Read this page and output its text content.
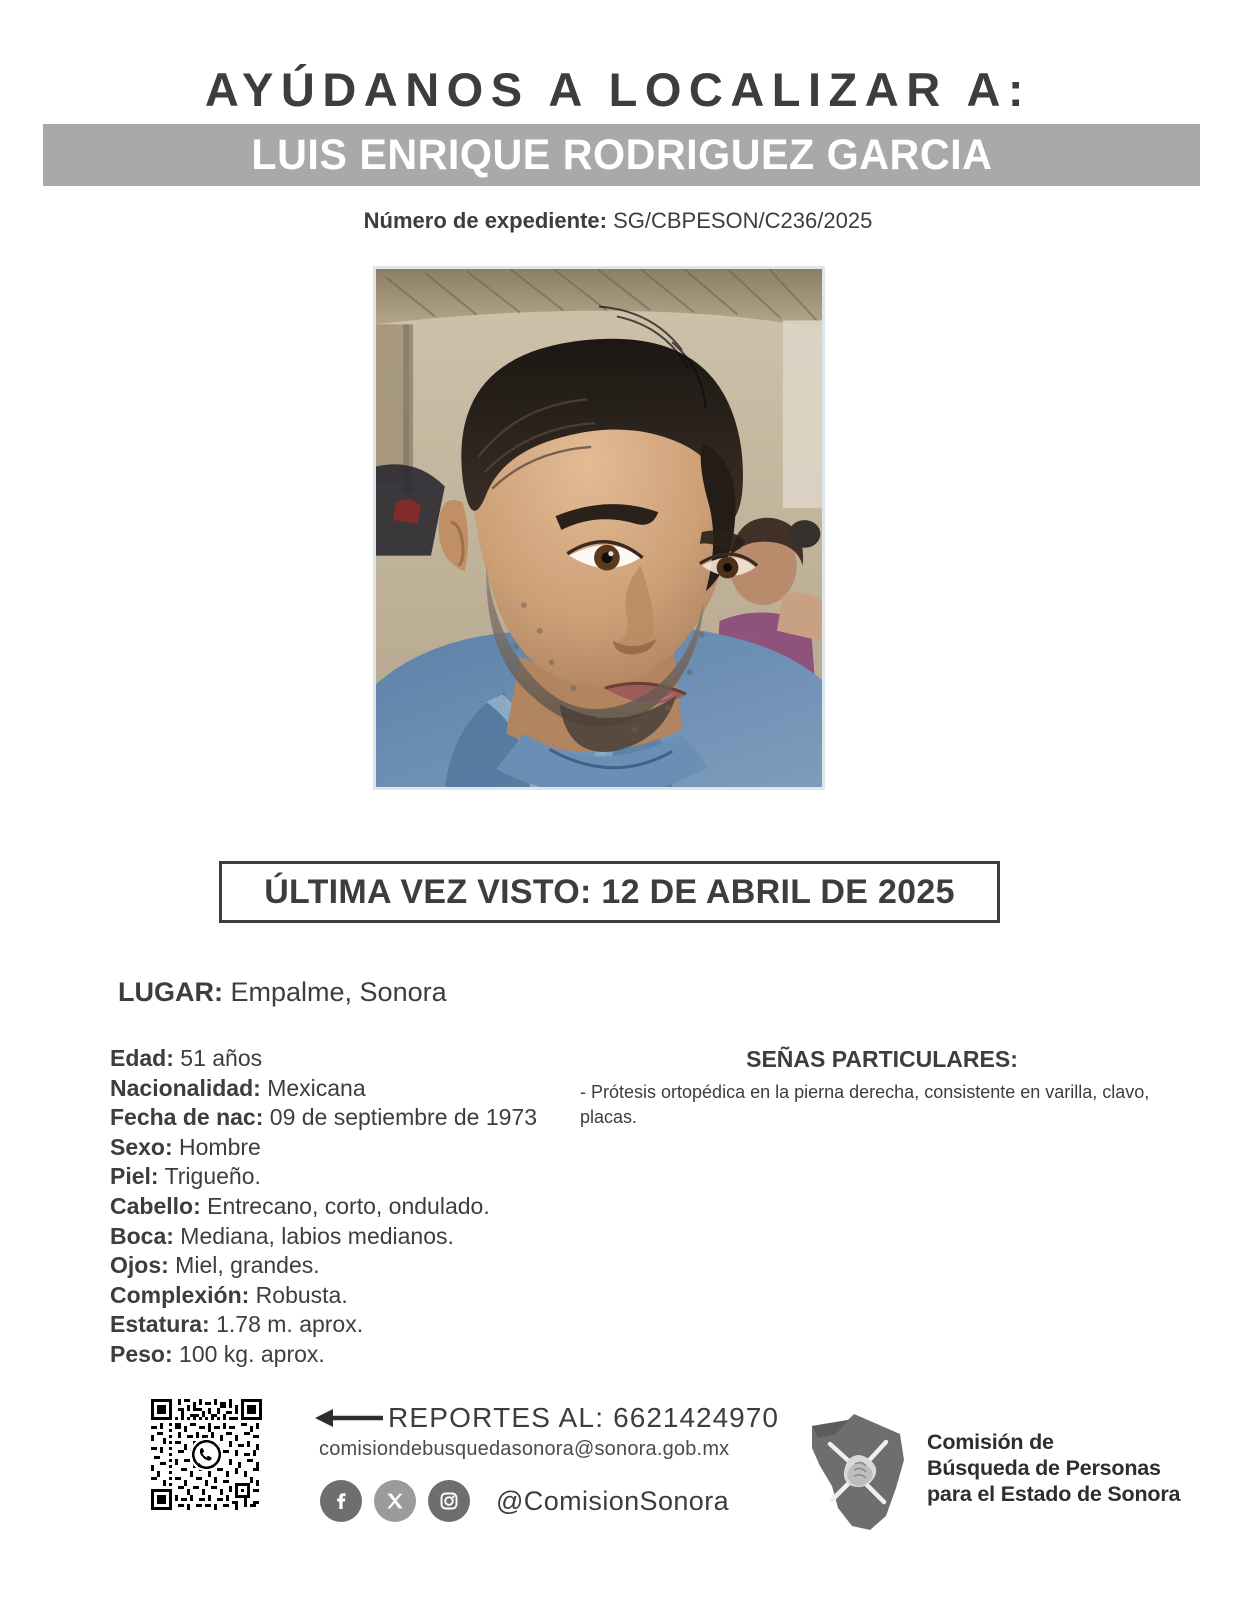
AYÚDANOS A LOCALIZAR A:
LUIS ENRIQUE RODRIGUEZ GARCIA
Número de expediente: SG/CBPESON/C236/2025
ÚLTIMA VEZ VISTO: 12 DE ABRIL DE 2025
LUGAR: Empalme, Sonora
Edad: 51 años
Nacionalidad: Mexicana
Fecha de nac: 09 de septiembre de 1973
Sexo: Hombre
Piel: Trigueño.
Cabello: Entrecano, corto, ondulado.
Boca: Mediana, labios medianos.
Ojos: Miel, grandes.
Complexión: Robusta.
Estatura: 1.78 m. aprox.
Peso: 100 kg. aprox.
SEÑAS PARTICULARES:
- Prótesis ortopédica en la pierna derecha, consistente en varilla, clavo, placas.
REPORTES AL: 6621424970
comisiondebusquedasonora@sonora.gob.mx
@ComisionSonora
Comisión de
Búsqueda de Personas
para el Estado de Sonora
